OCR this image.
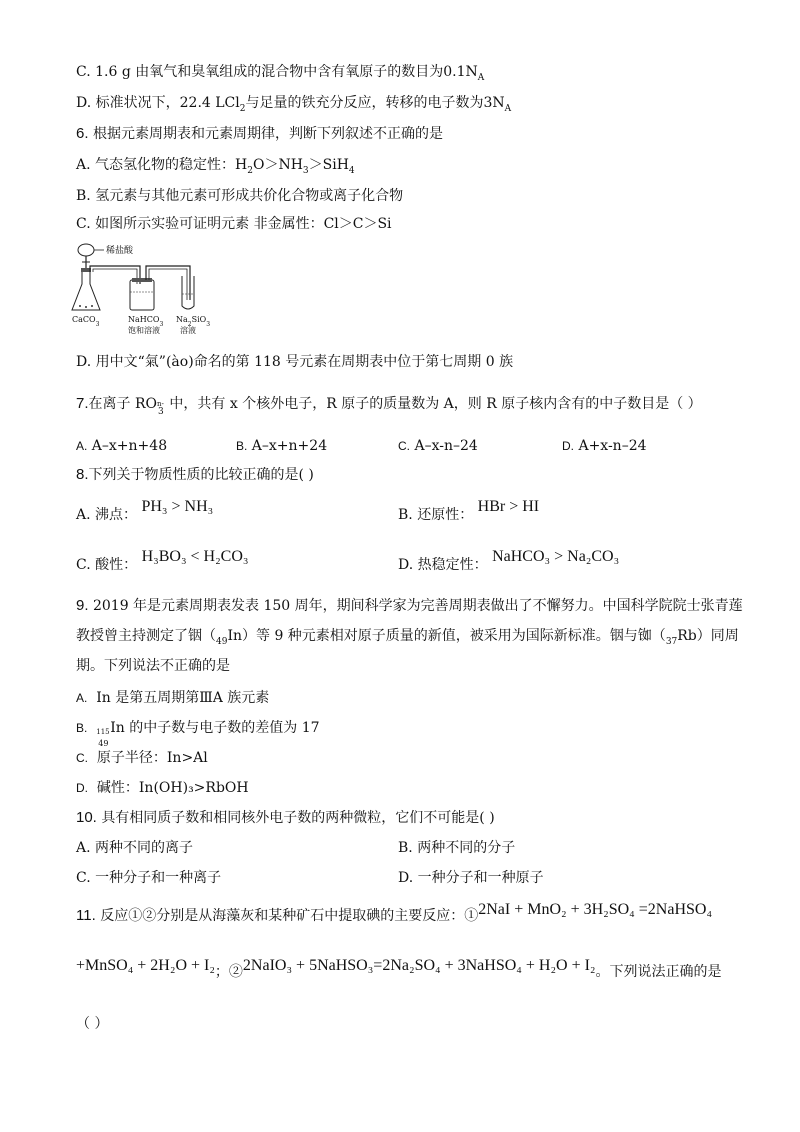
C. 1.6 g 由氧气和臭氧组成的混合物中含有氧原子的数目为$0.1N_A$
D. 标准状况下，22.4 LCl$_2$与足量的铁充分反应，转移的电子数为$3N_A$
6. 根据元素周期表和元素周期律，判断下列叙述不正确的是
A. 气态氢化物的稳定性：$H_2O>NH_3>SiH_4$
B. 氢元素与其他元素可形成共价化合物或离子化合物
C. 如图所示实验可证明元素 非金属性：Cl＞C＞Si
稀盐酸
CaCO$_3$	NaHCO$_3$
饱和溶液
$Na_2SiO_3$
溶液
D. 用中文“氣”(ào)命名的第 118 号元素在周期表中位于第七周期 0 族
7.在离子 RO n-
3 中，共有 x 个核外电子，R 原子的质量数为 A，则 R 原子核内含有的中子数目是（ ）
A. A–x+n+48	B. A–x+n+24	C. A–x-n–24	D. A+x-n–24
8.下列关于物质性质的比较正确的是( )
A. 沸点： PH₃ > NH₃	B. 还原性： HBr > HI
C. 酸性： H₃BO₃ < H₂CO₃	D. 热稳定性： NaHCO₃ > Na₂CO₃
9. 2019 年是元素周期表发表 150 周年，期间科学家为完善周期表做出了不懈努力。中国科学院院士张青莲
教授曾主持测定了铟$(_{49}In)$等 9 种元素相对原子质量的新值，被采用为国际新标准。铟与铷$(_{37}Rb)$同周
期。下列说法不正确的是
A. In 是第五周期第ⅢA 族元素
B. 115
49
In 的中子数与电子数的差值为 17
C. 原子半径：In>Al
D. 碱性：In(OH)₃>RbOH
10. 具有相同质子数和相同核外电子数的两种微粒，它们不可能是( )
A. 两种不同的离子	B. 两种不同的分子
C. 一种分子和一种离子	D. 一种分子和一种原子
11. 反应①②分别是从海藻灰和某种矿石中提取碘的主要反应：①2NaI + MnO₂ + 3H₂SO₄ =2NaHSO₄
+MnSO₄ + 2H₂O + I₂；②2NaIO₃ + 5NaHSO₃=2Na₂SO₄ + 3NaHSO₄ + H₂O + I₂。下列说法正确的是
（ ）
